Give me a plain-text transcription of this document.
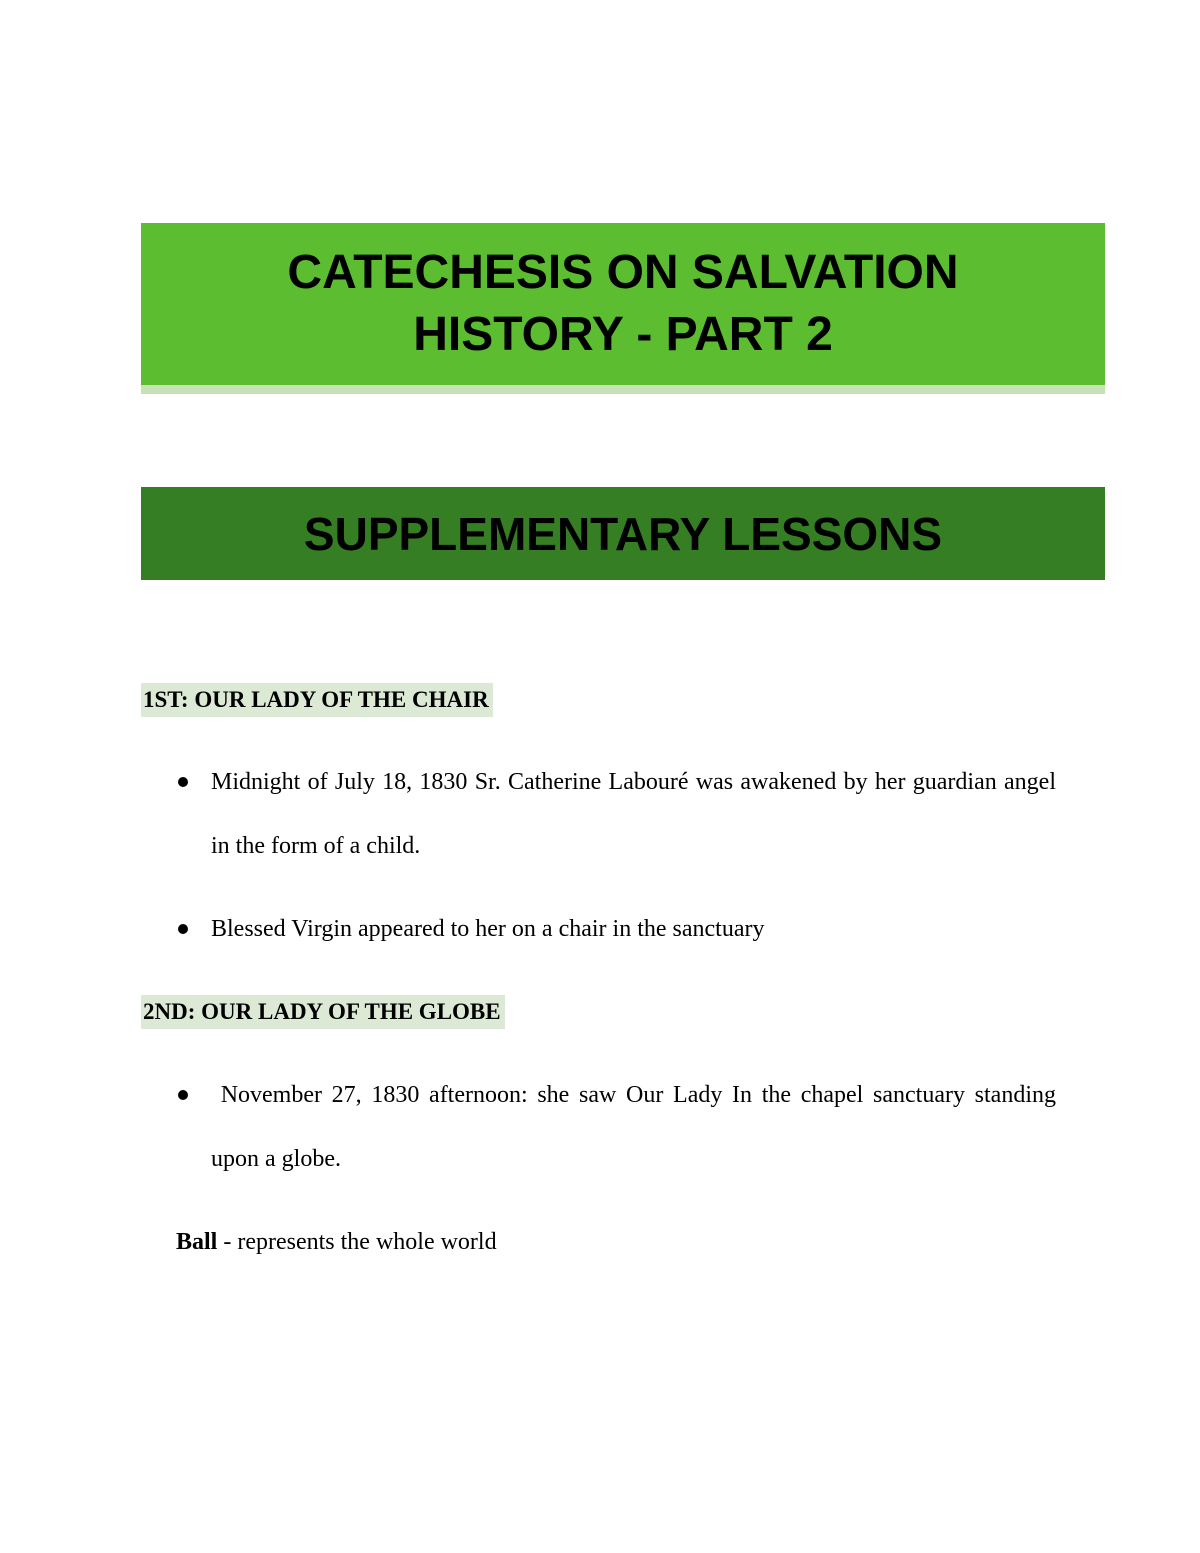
CATECHESIS ON SALVATION
HISTORY - PART 2
SUPPLEMENTARY LESSONS
1ST: OUR LADY OF THE CHAIR
Midnight of July 18, 1830 Sr. Catherine Labouré was awakened by her guardian angel in the form of a child.
Blessed Virgin appeared to her on a chair in the sanctuary
2ND: OUR LADY OF THE GLOBE
November 27, 1830 afternoon: she saw Our Lady In the chapel sanctuary standing upon a globe.
Ball - represents the whole world
